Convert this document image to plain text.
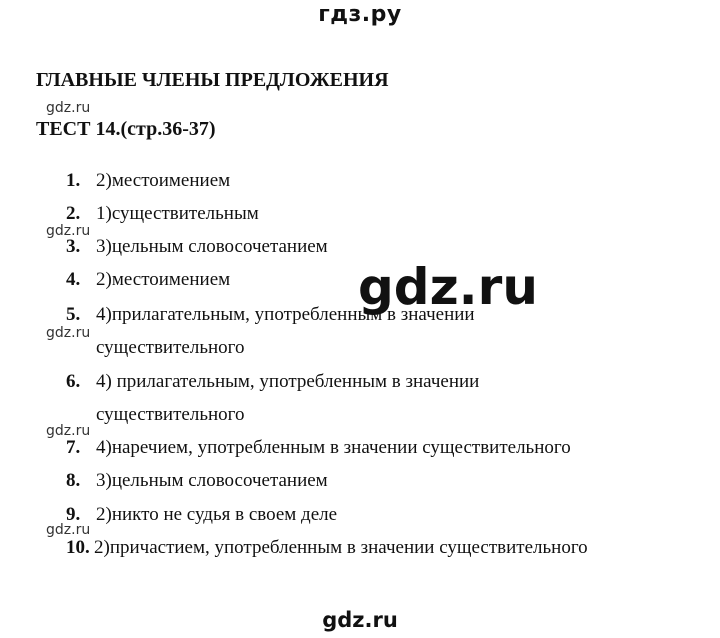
гдз.ру
ГЛАВНЫЕ ЧЛЕНЫ ПРЕДЛОЖЕНИЯ
gdz.ru
ТЕСТ 14.(стр.36-37)
1. 2)местоимением
2. 1)существительным
gdz.ru
3. 3)цельным словосочетанием
4. 2)местоимением	gdz.ru
5. 4)прилагательным, употребленным в значении
gdz.ru
существительного
6. 4) прилагательным, употребленным в значении
существительного
gdz.ru
7. 4)наречием, употребленным в значении существительного
8. 3)цельным словосочетанием
9. 2)никто не судья в своем деле
gdz.ru
10. 2)причастием, употребленным в значении существительного
gdz.ru
